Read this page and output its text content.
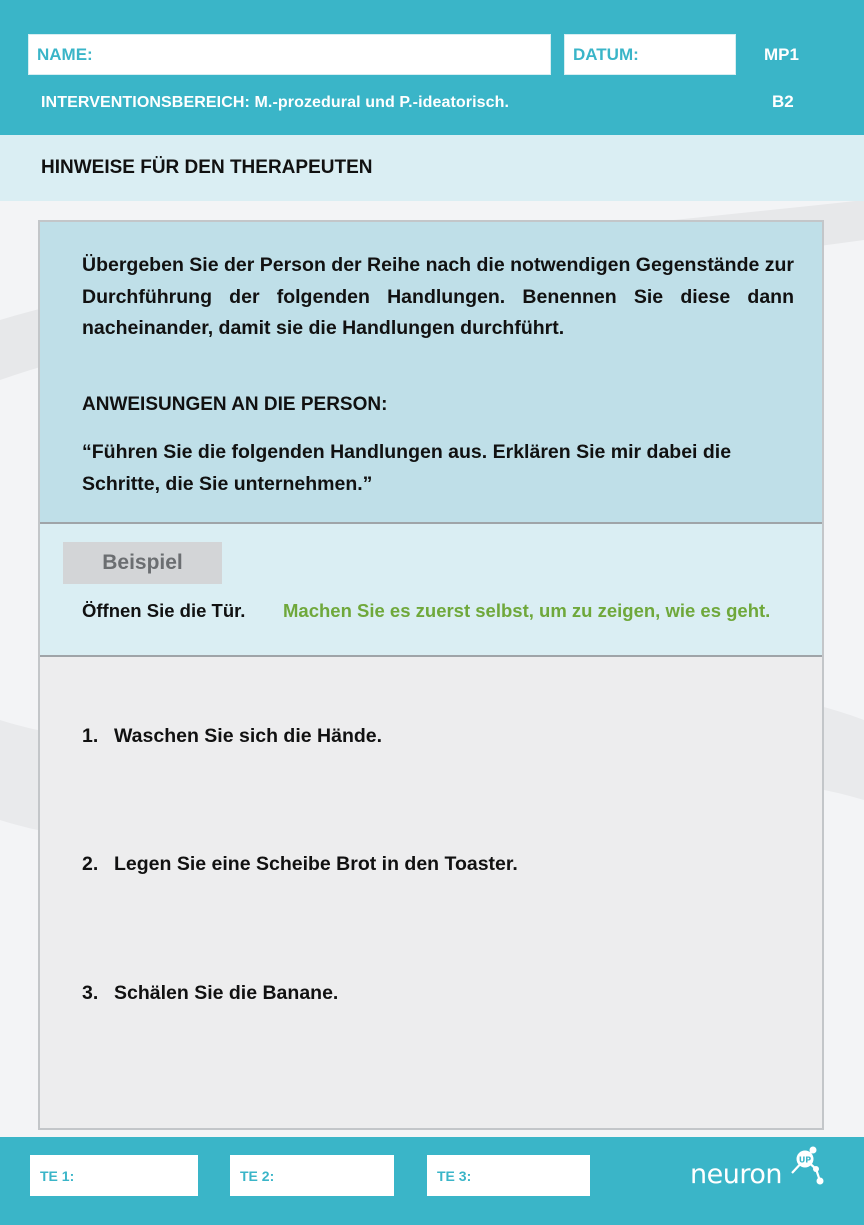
NAME:	DATUM:	MP1
B2
INTERVENTIONSBEREICH: M.-prozedural und P.-ideatorisch.
HINWEISE FÜR DEN THERAPEUTEN
Übergeben Sie der Person der Reihe nach die notwendigen Gegenstände zur Durchführung der folgenden Handlungen. Benennen Sie diese dann nacheinander, damit sie die Handlungen durchführt.
ANWEISUNGEN AN DIE PERSON:
“Führen Sie die folgenden Handlungen aus. Erklären Sie mir dabei die Schritte, die Sie unternehmen.”
Beispiel
Öffnen Sie die Tür. Machen Sie es zuerst selbst, um zu zeigen, wie es geht.
1. Waschen Sie sich die Hände.
2. Legen Sie eine Scheibe Brot in den Toaster.
3. Schälen Sie die Banane.
TE 1:	TE 2:	TE 3:	neuron UP
